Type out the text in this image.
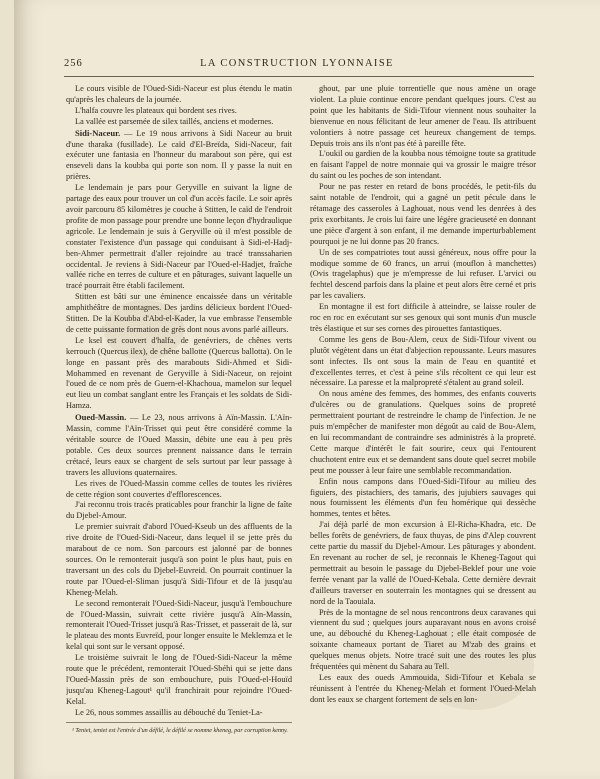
256	LA CONSTRUCTION LYONNAISE

Le cours visible de l'Oued-Sidi-Naceur est plus étendu le matin qu'après les chaleurs de la journée.

L'halfa couvre les plateaux qui bordent ses rives.

La vallée est parsemée de silex taillés, anciens et modernes.

Sidi-Naceur. — Le 19 nous arrivons à Sidi Naceur au bruit d'une tharaka (fusillade). Le caïd d'El-Breïda, Sidi-Naceur, fait exécuter une fantasia en l'honneur du marabout son père, qui est enseveli dans la koubba qui porte son nom. Il y passe la nuit en prières.

Le lendemain je pars pour Geryville en suivant la ligne de partage des eaux pour trouver un col d'un accès facile. Le soir après avoir parcouru 85 kilomètres je couche à Stitten, le caïd de l'endroit profite de mon passage pour prendre une bonne leçon d'hydraulique agricole. Le lendemain je suis à Geryville où il m'est possible de constater l'existence d'un passage qui conduisant à Sidi-el-Hadj-ben-Ahmer permettrait d'aller rejoindre au tracé transsaharien occidental. Je reviens à Sidi-Naceur par l'Oued-el-Hadjet, fraîche vallée riche en terres de culture et en pâturages, suivant laquelle un tracé pourrait être établi facilement.

Stitten est bâti sur une éminence encaissée dans un véritable amphithéâtre de montagnes. Des jardins délicieux bordent l'Oued-Stitten. De la Koubba d'Abd-el-Kader, la vue embrasse l'ensemble de cette puissante formation de grès dont nous avons parlé ailleurs.

Le ksel est couvert d'halfa, de genévriers, de chênes verts kerrouch (Quercus ilex), de chêne ballotte (Quercus ballotta). On le longe en passant près des marabouts Sidi-Ahmed et Sidi-Mohammed en revenant de Geryville à Sidi-Naceur, on rejoint l'oued de ce nom près de Guern-el-Khachoua, mamelon sur lequel eut lieu un combat sanglant entre les Français et les soldats de Sidi-Hamza.

Oued-Massin. — Le 23, nous arrivons à Aïn-Massin. L'Aïn-Massin, comme l'Aïn-Trisset qui peut être considéré comme la véritable source de l'Oued Massin, débite une eau à peu près potable. Ces deux sources prennent naissance dans le terrain crétacé, leurs eaux se chargent de sels surtout par leur passage à travers les alluvions quaternaires.

Les rives de l'Oued-Massin comme celles de toutes les rivières de cette région sont couvertes d'efflorescences.

J'ai reconnu trois tracés praticables pour franchir la ligne de faîte du Djebel-Amour.

Le premier suivrait d'abord l'Oued-Kseub un des affluents de la rive droite de l'Oued-Sidi-Naceur, dans lequel il se jette près du marabout de ce nom. Son parcours est jalonné par de bonnes sources. On le remonterait jusqu'à son point le plus haut, puis en traversant un des cols du Djebel-Euvreid. On pourrait continuer la route par l'Oued-el-Sliman jusqu'à Sidi-Tifour et de là jusqu'au Kheneg-Melah.

Le second remonterait l'Oued-Sidi-Naceur, jusqu'à l'embouchure de l'Oued-Massin, suivrait cette rivière jusqu'à Aïn-Massin, remonterait l'Oued-Trisset jusqu'à Ras-Trisset, et passerait de là, sur le plateau des monts Euvreïd, pour longer ensuite le Meklemza et le kelal qui sont sur le versant opposé.

Le troisième suivrait le long de l'Oued-Sidi-Naceur la même route que le précédent, remonterait l'Oued-Sbéhi qui se jette dans l'Oued-Massin près de son embouchure, puis l'Oued-el-Houïd jusqu'au Kheneg-Lagout¹ qu'il franchirait pour rejoindre l'Oued-Kelal.

Le 26, nous sommes assaillis au débouché du Teniet-La-

¹ Teniet, teniet est l'entrée d'un défilé, le défilé se nomme kheneg, par corruption kenny.

ghout, par une pluie torrentielle que nous amène un orage violent. La pluie continue encore pendant quelques jours. C'est au point que les habitants de Sidi-Tifour viennent nous souhaiter la bienvenue en nous félicitant de leur amener de l'eau. Ils attribuent volontiers à notre passage cet heureux changement de temps. Depuis trois ans ils n'ont pas été à pareille fête.

L'oukil ou gardien de la koubba nous témoigne toute sa gratitude en faisant l'appel de notre monnaie qui va grossir le maigre trésor du saint ou les poches de son intendant.

Pour ne pas rester en retard de bons procédés, le petit-fils du saint notable de l'endroit, qui a gagné un petit pécule dans le rétamage des casseroles à Laghouat, nous vend les denrées à des prix exorbitants. Je crois lui faire une légère gracieuseté en donnant une pièce d'argent à son enfant, il me demande imperturbablement pourquoi je ne lui donne pas 20 francs.

Un de ses compatriotes tout aussi généreux, nous offre pour la modique somme de 60 francs, un arrui (mouflon à manchettes) (Ovis tragelaphus) que je m'empresse de lui refuser. L'arvici ou fechtel descend parfois dans la plaine et peut alors être cerné et pris par les cavaliers.

En montagne il est fort difficile à atteindre, se laisse rouler de roc en roc en exécutant sur ses genoux qui sont munis d'un muscle très élastique et sur ses cornes des pirouettes fantastiques.

Comme les gens de Bou-Alem, ceux de Sidi-Tifour vivent ou plutôt végètent dans un état d'abjection repoussante. Leurs masures sont infectes. Ils ont sous la main de l'eau en quantité et d'excellentes terres, et c'est à peine s'ils récoltent ce qui leur est nécessaire. La paresse et la malpropreté s'étalent au grand soleil.

On nous amène des femmes, des hommes, des enfants couverts d'ulcères ou de granulations. Quelques soins de propreté permettraient pourtant de restreindre le champ de l'infection. Je ne puis m'empêcher de manifester mon dégoût au caïd de Bou-Alem, en lui recommandant de contraindre ses administrés à la propreté. Cette marque d'intérêt le fait sourire, ceux qui l'entourent chuchotent entre eux et se demandent sans doute quel secret mobile peut me pousser à leur faire une semblable recommandation.

Enfin nous campons dans l'Oued-Sidi-Tifour au milieu des figuiers, des pistachiers, des tamaris, des jujubiers sauvages qui nous fournissent les éléments d'un feu homérique qui dessèche hommes, tentes et bêtes.

J'ai déjà parlé de mon excursion à El-Richa-Khadra, etc. De belles forêts de genévriers, de faux thuyas, de pins d'Alep couvrent cette partie du massif du Djebel-Amour. Les pâturages y abondent. En revenant au rocher de sel, je reconnais le Kheneg-Tagout qui permettrait au besoin le passage du Djebel-Beklef pour une voie ferrée venant par la vallé de l'Oued-Kebala. Cette dernière devrait d'ailleurs traverser en souterrain les montagnes qui se dressent au nord de la Taouiala.

Près de la montagne de sel nous rencontrons deux caravanes qui viennent du sud ; quelques jours auparavant nous en avons croisé une, au débouché du Kheneg-Laghouat ; elle était composée de soixante chameaux portant de Tiaret au M'zab des grains et quelques menus objets. Notre tracé suit une des routes les plus fréquentées qui mènent du Sahara au Tell.

Les eaux des oueds Ammouida, Sidi-Tifour et Kebala se réunissent à l'entrée du Kheneg-Melah et forment l'Oued-Melah dont les eaux se chargent fortement de sels en lon-
